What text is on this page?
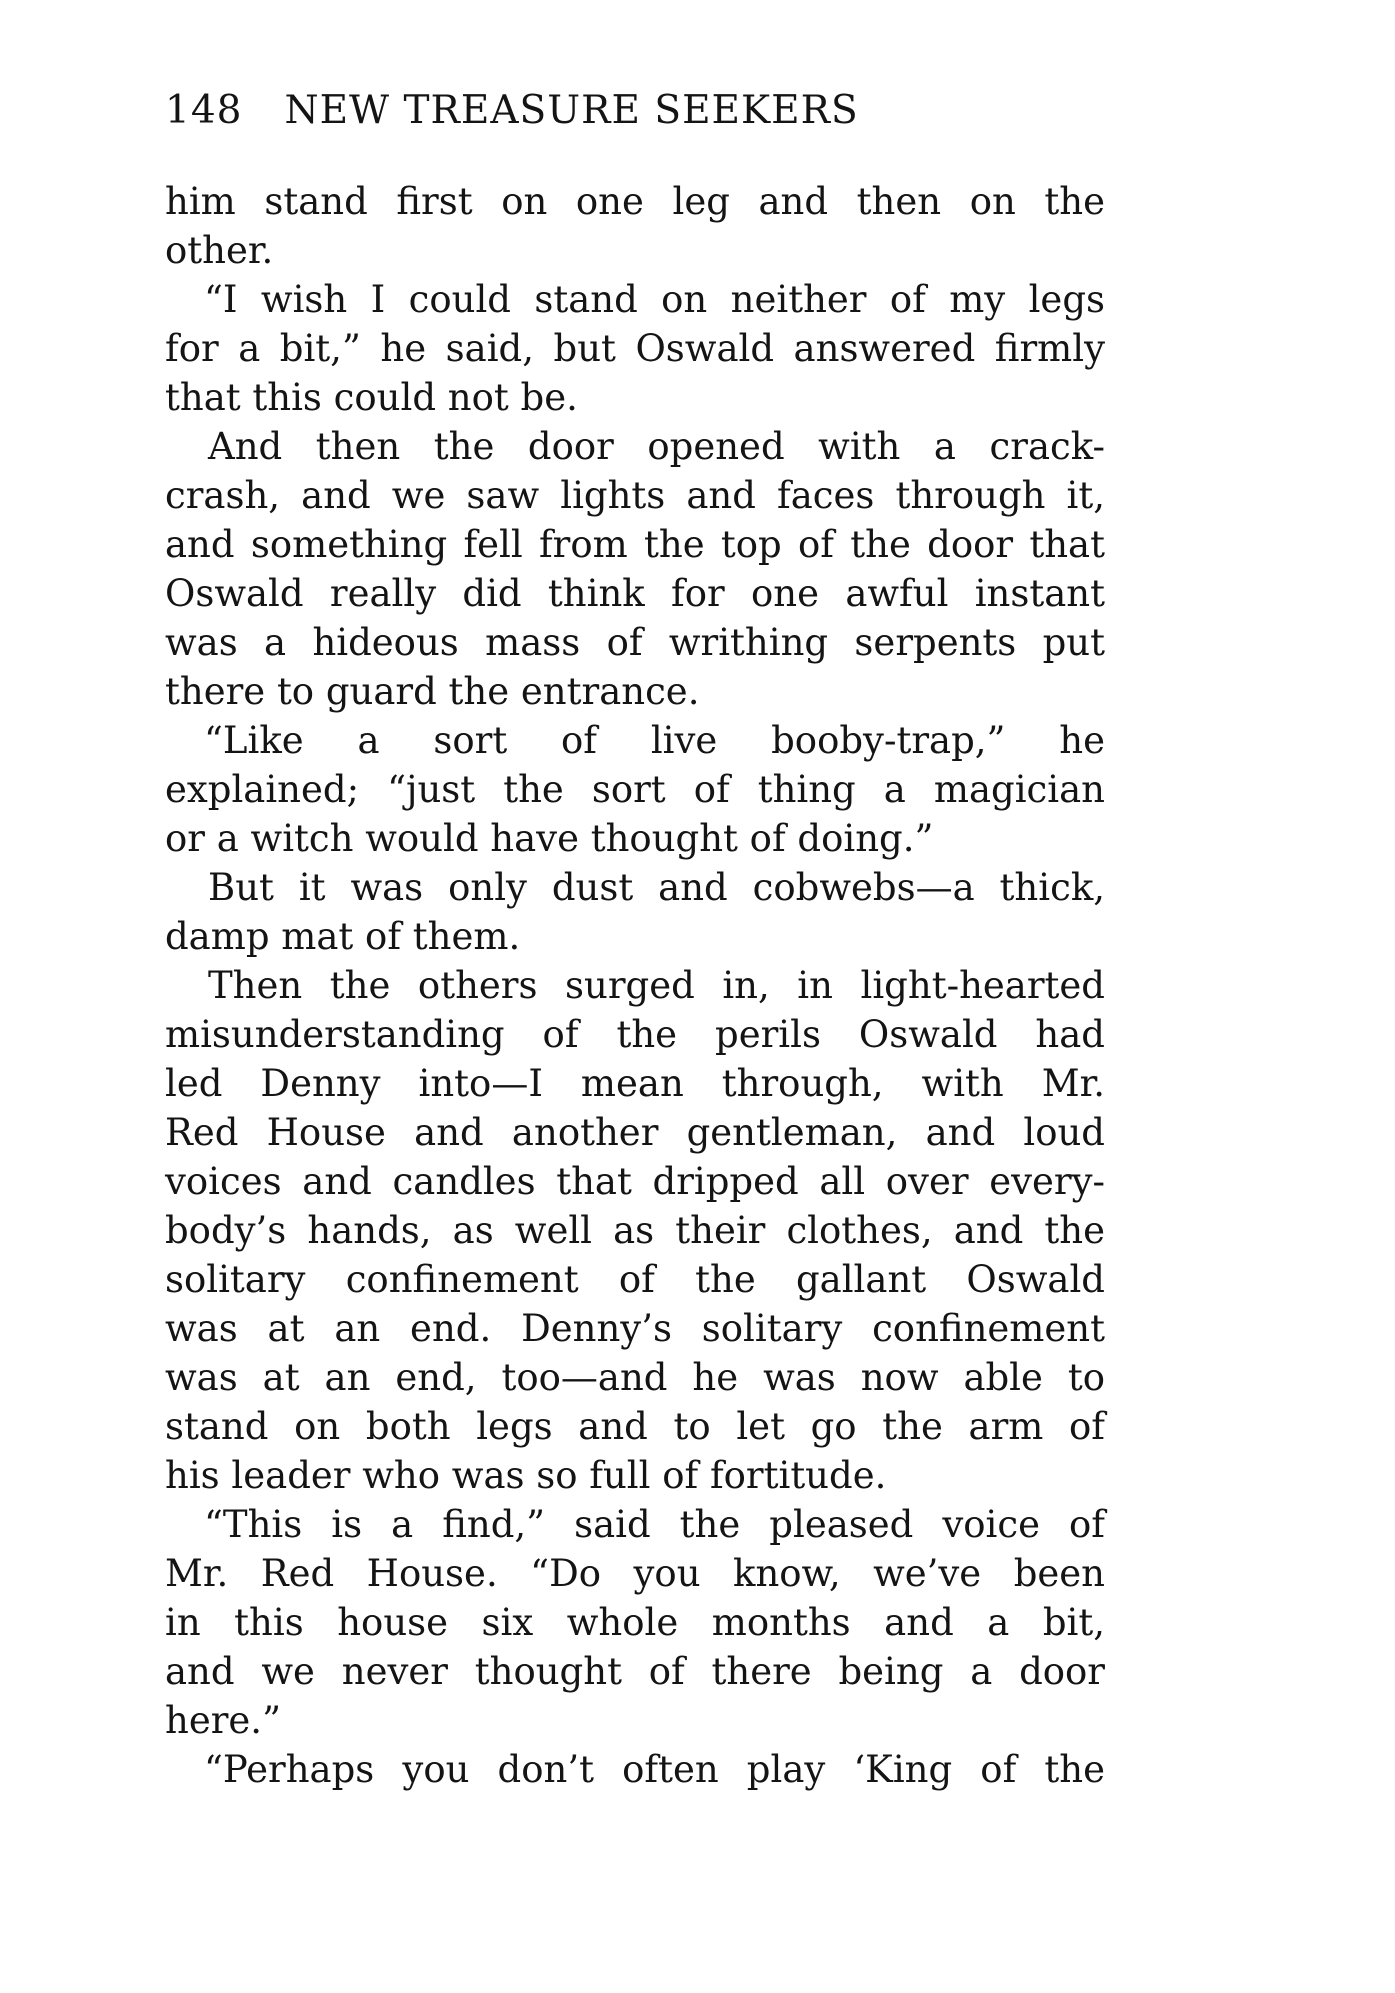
148 NEW TREASURE SEEKERS
him stand first on one leg and then on the
other.
“I wish I could stand on neither of my legs
for a bit,” he said, but Oswald answered firmly
that this could not be.
And then the door opened with a crack-
crash, and we saw lights and faces through it,
and something fell from the top of the door that
Oswald really did think for one awful instant
was a hideous mass of writhing serpents put
there to guard the entrance.
“Like a sort of live booby-trap,” he
explained; “just the sort of thing a magician
or a witch would have thought of doing.”
But it was only dust and cobwebs—a thick,
damp mat of them.
Then the others surged in, in light-hearted
misunderstanding of the perils Oswald had
led Denny into—I mean through, with Mr.
Red House and another gentleman, and loud
voices and candles that dripped all over every-
body’s hands, as well as their clothes, and the
solitary confinement of the gallant Oswald
was at an end. Denny’s solitary confinement
was at an end, too—and he was now able to
stand on both legs and to let go the arm of
his leader who was so full of fortitude.
“This is a find,” said the pleased voice of
Mr. Red House. “Do you know, we’ve been
in this house six whole months and a bit,
and we never thought of there being a door
here.”
“Perhaps you don’t often play ‘King of the
